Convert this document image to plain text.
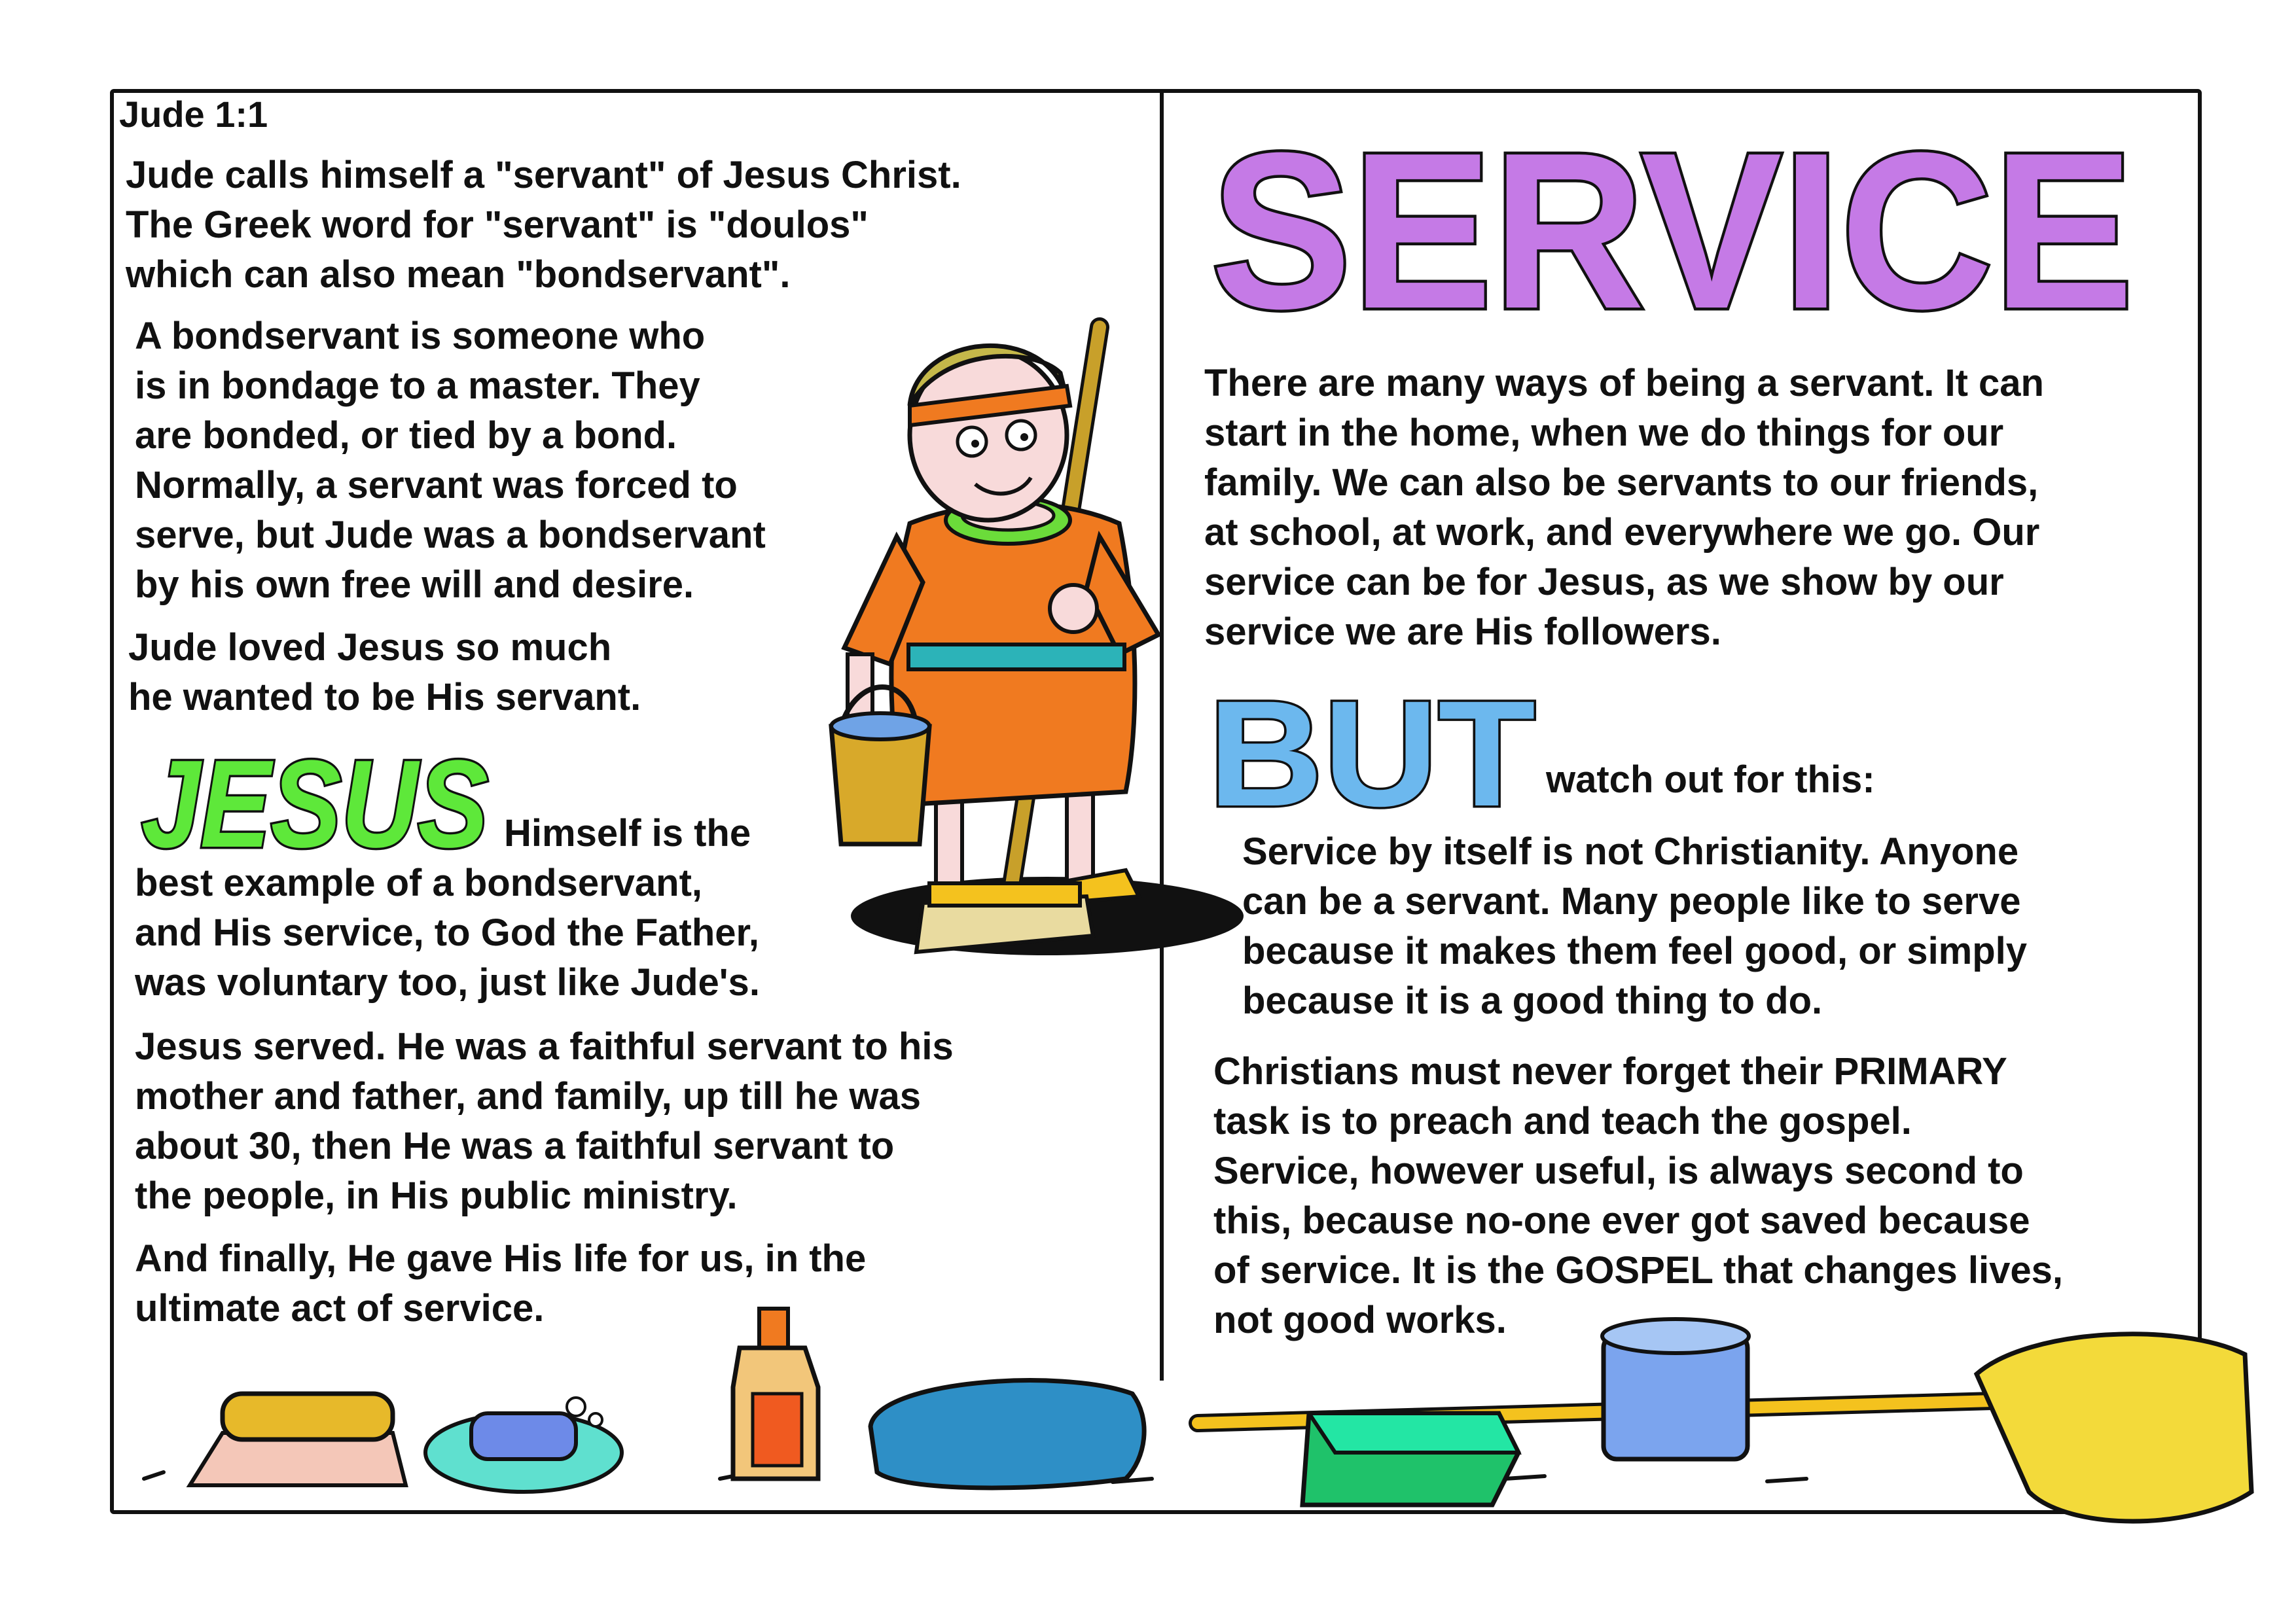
Jude 1:1

Jude calls himself a "servant" of Jesus Christ.
The Greek word for "servant" is "doulos"
which can also mean "bondservant".

A bondservant is someone who
is in bondage to a master. They
are bonded, or tied by a bond.
Normally, a servant was forced to
serve, but Jude was a bondservant
by his own free will and desire.

Jude loved Jesus so much
he wanted to be His servant.

JESUS Himself is the

best example of a bondservant,
and His service, to God the Father,
was voluntary too, just like Jude's.

Jesus served. He was a faithful servant to his
mother and father, and family, up till he was
about 30, then He was a faithful servant to
the people, in His public ministry.

And finally, He gave His life for us, in the
ultimate act of service.

SERVICE

There are many ways of being a servant. It can
start in the home, when we do things for our
family. We can also be servants to our friends,
at school, at work, and everywhere we go. Our
service can be for Jesus, as we show by our
service we are His followers.

BUT watch out for this:

Service by itself is not Christianity. Anyone
can be a servant. Many people like to serve
because it makes them feel good, or simply
because it is a good thing to do.

Christians must never forget their PRIMARY
task is to preach and teach the gospel.
Service, however useful, is always second to
this, because no-one ever got saved because
of service. It is the GOSPEL that changes lives,
not good works.
